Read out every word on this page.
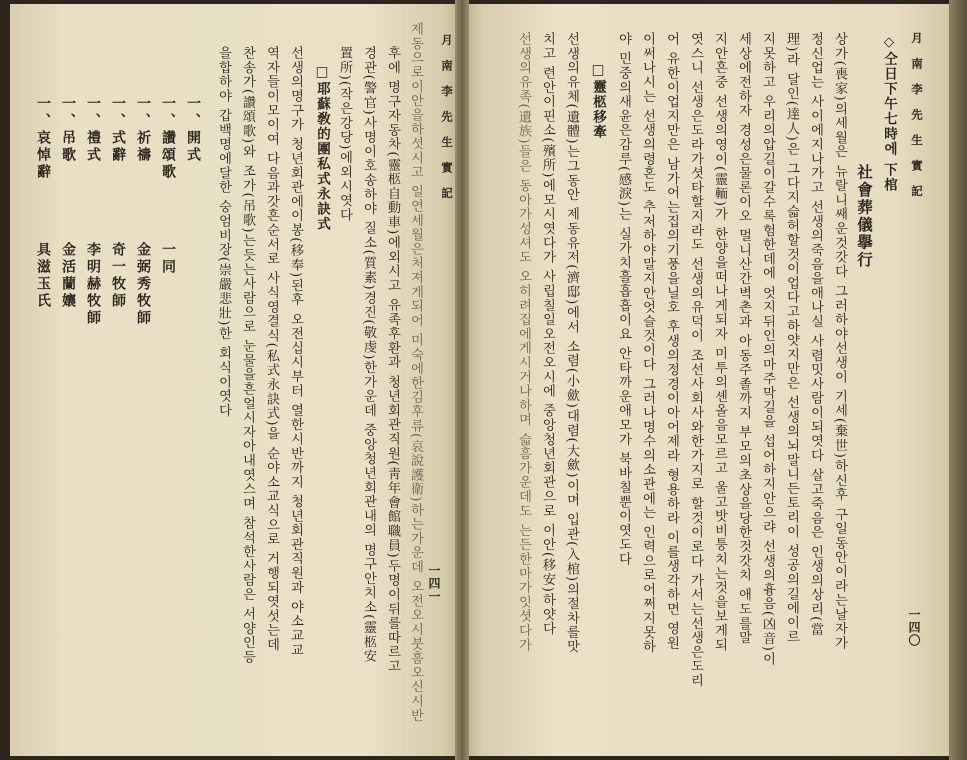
月 南 李 先 生 實 記
제동으로이안을하셧시고 일연세월은처져게되어 미숙에한김후류(哀說護衛)하는가운데 오전오시붓흠오신시반
후에 명구자동차(靈柩自動車)에외시고 유족후환과 청년회관직원(靑年會館職員)두명이뒤를따르고
경관(警官)사명이호송하야 질소(質素)경진(敬虔)한가운데 중앙청년회관내의 명구안치소(靈柩安
置所)(작은강당)에외시엿다
□耶蘇敎的團私式永訣式
선생의명구가 청년회관에이봉(移奉)된후 오전십시부터 열한시반까지 청년회관직원과 야소교교
역자들이모이여 다음과갓흔순서로 사식영결식(私式永訣式)을 순야소교식으로 거행되엿섯는데
찬송가(讚頌歌)와 조가(吊歌)는듯는사람으로 눈물을흔얼시자아내엿스며 참석한사람은 서양인등
을합하야 갑백명에달한 숭엄비장(崇嚴悲壯)한 회식이엿다
一、開式
一、讚頌歌
一同
一、祈禱
金弼秀牧師
一、式辭
奇一牧師
一、禮式
李明赫牧師
一、吊歌
金活蘭孃
一、哀悼辭
具滋玉氏
一四一
月 南 李 先 生 實 記
一四〇
◇仝日下午七時에 下棺
社會葬儀擧行
상가(喪家)의세월은 뉴랄니쌔운것갓다 그러하야선생이 기세(棄世)하신후 구일동안이라는날자가
정신업는 사이에지나가고 선생의죽음을애나실 사렴밋사람이되엿다 살고죽음은 인생의상리(當
理)라 달인(達人)은 그다지슯허할것이업다고하얏지만은 선생의뇌말니든토리이 성공의길에이르
지못하고 우리의압길이갈수록험한데에 엇지뒤인의마주막길을 섭어하지안으랴 선생의흉음(凶音)이
세상에전하자 경성은물론이오 멀니산간벽촌과 아동주졸까지 부모의초상을당한것갓치 애도를말
지안흔중 선생의영이(靈輀)가 한양을떠나게되자 미투의셴올음모르고 울고밧비퉁치는것을보게되
엿스니 선생은도라가셧타할지라도 선생의유덕이 조선사회사와한가지로 할것이로다 가서는선생은도리
어 유한이업지만은 남가어는집의기풍을닐호 후생의정경이아어제라 형용하라 이를생각하면 영원
이써나시는 선생의령혼도 추저하야말지안엇슬것이다 그러나명수의소관에는 인력으로어쩌지못하
야 민중의새윤은감루(感淚)는 실가치흘흡흡이요 안타까운애모가 북바칠뿐이엿도다
□靈柩移牽
선생의유체(遺體)는그동안 제동유저(濟邸)에서 소렴(小歛)대렴(大歛)이며 입관(入棺)의절차를맛
치고 련안이핀소(殯所)에모시엿다가 사립칠일오전오시에 중앙청년회관으로 이안(移安)하얏다
선생의유족(遺族)들은 동아가성셔도 오히려집에게시거나하며 슯흠가운데도 는든한마가잇셧다가
